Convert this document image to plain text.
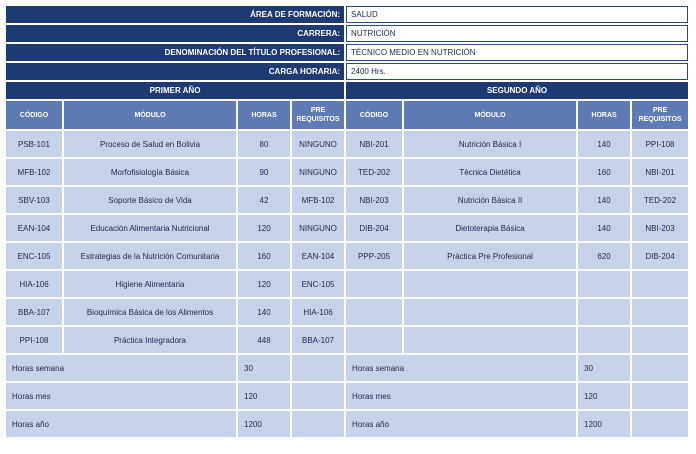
ÁREA DE FORMACIÓN:				SALUD			
CARRERA:				NUTRICIÓN			
DENOMINACIÓN DEL TÍTULO PROFESIONAL:				TÉCNICO MEDIO EN NUTRICIÓN			
CARGA HORARIA:				2400 Hrs.			
PRIMER AÑO				SEGUNDO AÑO			
CÓDIGO	MÓDULO	HORAS	PRE REQUISITOS	CÓDIGO	MÓDULO	HORAS	PRE REQUISITOS
PSB-101	Proceso de Salud en Bolivia	80	NINGUNO	NBI-201	Nutrición Básica I	140	PPI-108
MFB-102	Morfofisiología Básica	90	NINGUNO	TED-202	Técnica Dietética	160	NBI-201
SBV-103	Soporte Básico de Vida	42	MFB-102	NBI-203	Nutrición Básica II	140	TED-202
EAN-104	Educación Alimentaria Nutricional	120	NINGUNO	DIB-204	Dietoterapia Básica	140	NBI-203
ENC-105	Estrategias de la Nutrición Comunitaria	160	EAN-104	PPP-205	Práctica Pre Profesional	620	DIB-204
HIA-106	Higiene Alimentaria	120	ENC-105				
BBA-107	Bioquímica Básica de los Alimentos	140	HIA-106				
PPI-108	Práctica Integradora	448	BBA-107				
Horas semana		30		Horas semana		30	
Horas mes		120		Horas mes		120	
Horas año		1200		Horas año		1200	
